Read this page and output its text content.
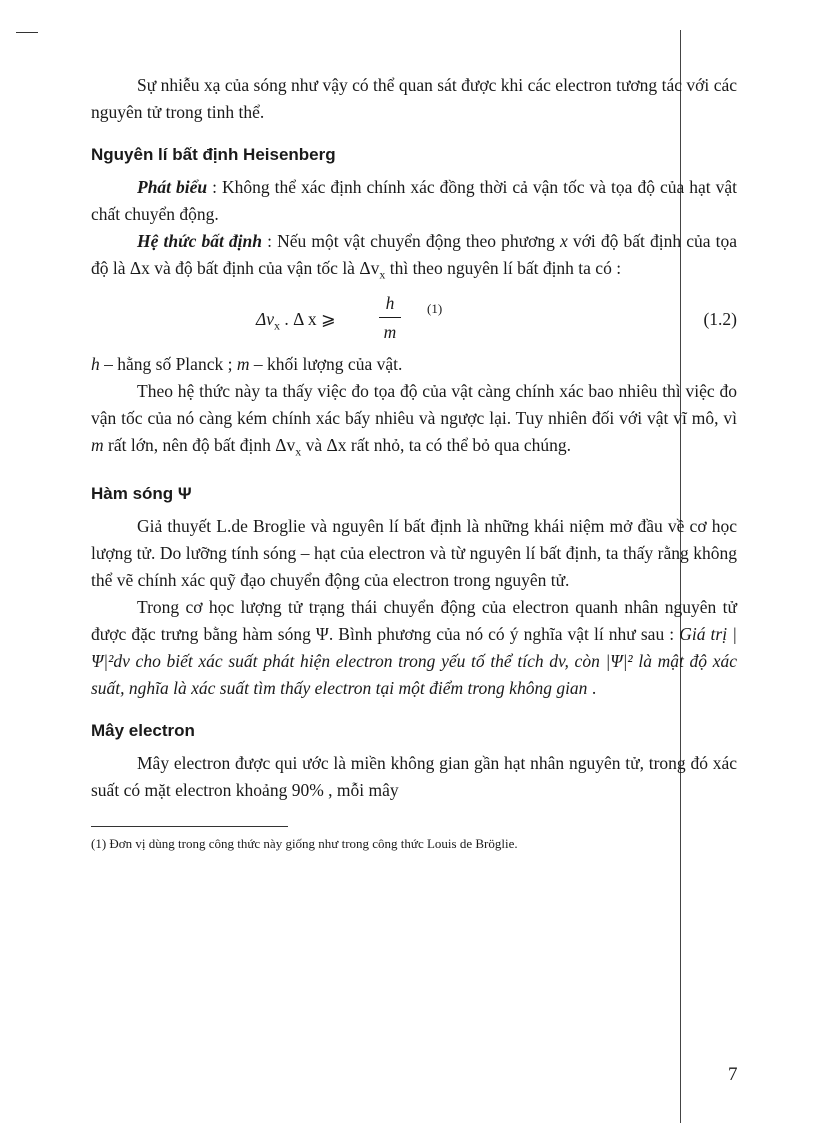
Sự nhiễu xạ của sóng như vậy có thể quan sát được khi các electron tương tác với các nguyên tử trong tinh thể.

Nguyên lí bất định Heisenberg

Phát biểu : Không thể xác định chính xác đồng thời cả vận tốc và tọa độ của hạt vật chất chuyển động.

Hệ thức bất định : Nếu một vật chuyển động theo phương x với độ bất định của tọa độ là Δx và độ bất định của vận tốc là $\Delta v_x$ thì theo nguyên lí bất định ta có :

$\Delta v_x$ . Δ x ⩾
h
m
(1)
(1.2)

h – hằng số Planck ; m – khối lượng của vật.

Theo hệ thức này ta thấy việc đo tọa độ của vật càng chính xác bao nhiêu thì việc đo vận tốc của nó càng kém chính xác bấy nhiêu và ngược lại. Tuy nhiên đối với vật vĩ mô, vì m rất lớn, nên độ bất định $\Delta v_x$ và Δx rất nhỏ, ta có thể bỏ qua chúng.

Hàm sóng Ψ

Giả thuyết L.de Broglie và nguyên lí bất định là những khái niệm mở đầu về cơ học lượng tử. Do lưỡng tính sóng – hạt của electron và từ nguyên lí bất định, ta thấy rằng không thể vẽ chính xác quỹ đạo chuyển động của electron trong nguyên tử.

Trong cơ học lượng tử trạng thái chuyển động của electron quanh nhân nguyên tử được đặc trưng bằng hàm sóng Ψ. Bình phương của nó có ý nghĩa vật lí như sau : Giá trị |Ψ|²dv cho biết xác suất phát hiện electron trong yếu tố thể tích dv, còn |Ψ|² là mật độ xác suất, nghĩa là xác suất tìm thấy electron tại một điểm trong không gian .

Mây electron

Mây electron được qui ước là miền không gian gần hạt nhân nguyên tử, trong đó xác suất có mặt electron khoảng 90% , mỗi mây

(1) Đơn vị dùng trong công thức này giống như trong công thức Louis de Bröglie.

7
